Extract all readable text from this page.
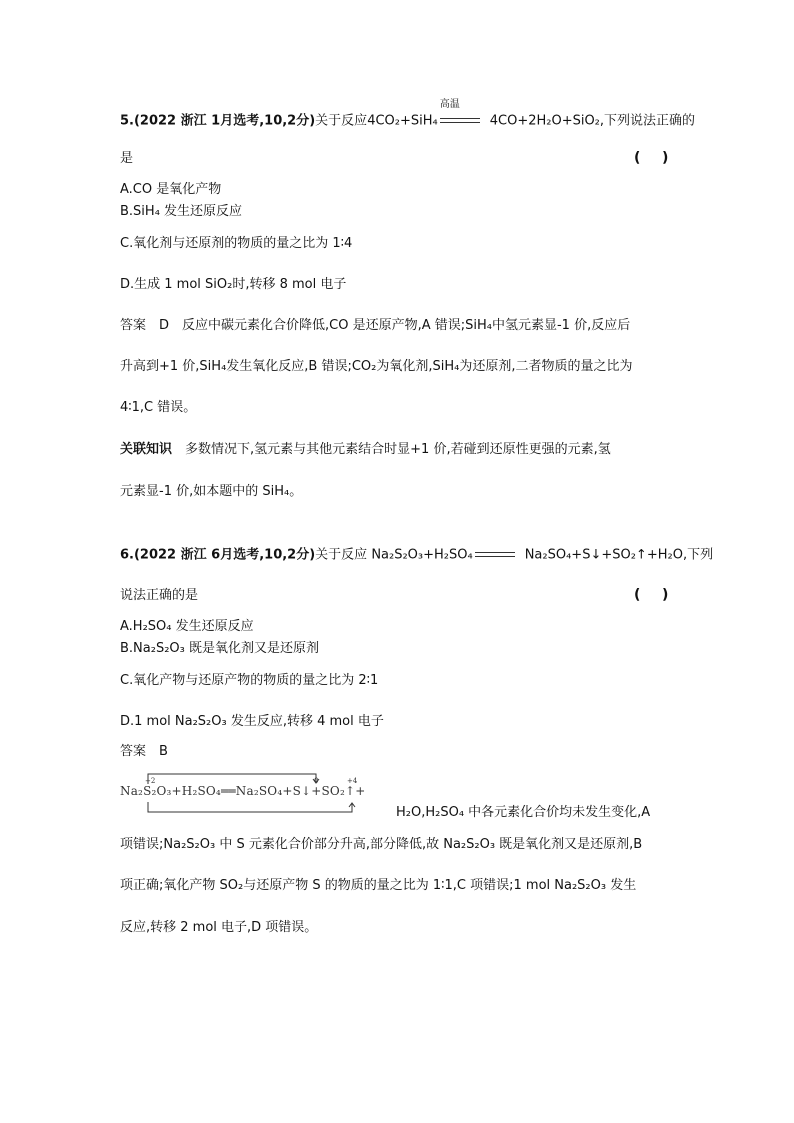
5.(2022 浙江 1月选考,10,2分)关于反应4CO₂+SiH₄
高温
4CO+2H₂O+SiO₂,下列说法正确的
是	( )
A.CO 是氧化产物
B.SiH₄ 发生还原反应
C.氧化剂与还原剂的物质的量之比为 1∶4
D.生成 1 mol SiO₂时,转移 8 mol 电子
答案　D　反应中碳元素化合价降低,CO 是还原产物,A 错误;SiH₄中氢元素显-1 价,反应后
升高到+1 价,SiH₄发生氧化反应,B 错误;CO₂为氧化剂,SiH₄为还原剂,二者物质的量之比为
4∶1,C 错误。
关联知识　多数情况下,氢元素与其他元素结合时显+1 价,若碰到还原性更强的元素,氢
元素显-1 价,如本题中的 SiH₄。
6.(2022 浙江 6月选考,10,2分)关于反应 Na₂S₂O₃+H₂SO₄	Na₂SO₄+S↓+SO₂↑+H₂O,下列
说法正确的是	( )
A.H₂SO₄ 发生还原反应
B.Na₂S₂O₃ 既是氧化剂又是还原剂
C.氧化产物与还原产物的物质的量之比为 2∶1
D.1 mol Na₂S₂O₃ 发生反应,转移 4 mol 电子
答案　B
+2	0	+4
Na₂S₂O₃+H₂SO₄══Na₂SO₄+S↓+SO₂↑+
H₂O,H₂SO₄ 中各元素化合价均未发生变化,A
项错误;Na₂S₂O₃ 中 S 元素化合价部分升高,部分降低,故 Na₂S₂O₃ 既是氧化剂又是还原剂,B
项正确;氧化产物 SO₂与还原产物 S 的物质的量之比为 1∶1,C 项错误;1 mol Na₂S₂O₃ 发生
反应,转移 2 mol 电子,D 项错误。
